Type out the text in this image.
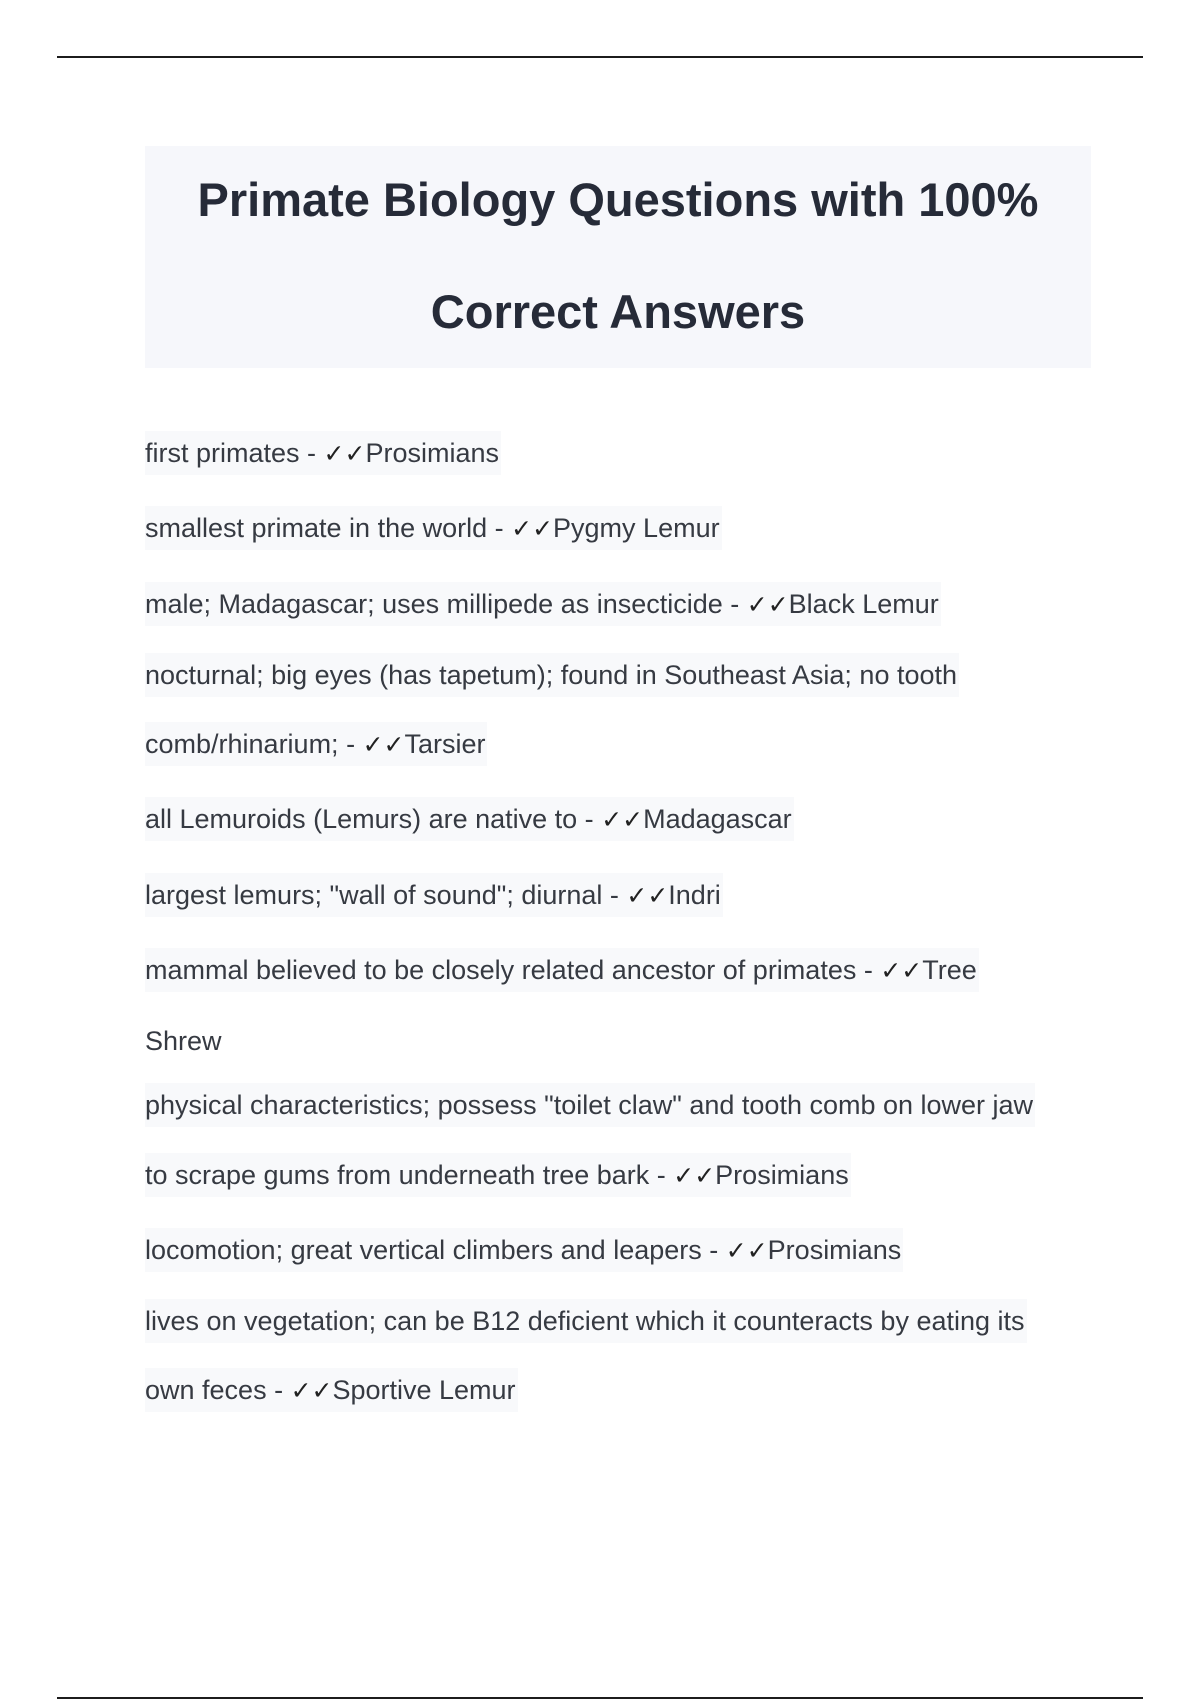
Primate Biology Questions with 100%
Correct Answers
first primates - ✓✓Prosimians
smallest primate in the world - ✓✓Pygmy Lemur
male; Madagascar; uses millipede as insecticide - ✓✓Black Lemur
nocturnal; big eyes (has tapetum); found in Southeast Asia; no tooth
comb/rhinarium; - ✓✓Tarsier
all Lemuroids (Lemurs) are native to - ✓✓Madagascar
largest lemurs; "wall of sound"; diurnal - ✓✓Indri
mammal believed to be closely related ancestor of primates - ✓✓Tree
Shrew
physical characteristics; possess "toilet claw" and tooth comb on lower jaw
to scrape gums from underneath tree bark - ✓✓Prosimians
locomotion; great vertical climbers and leapers - ✓✓Prosimians
lives on vegetation; can be B12 deficient which it counteracts by eating its
own feces - ✓✓Sportive Lemur
